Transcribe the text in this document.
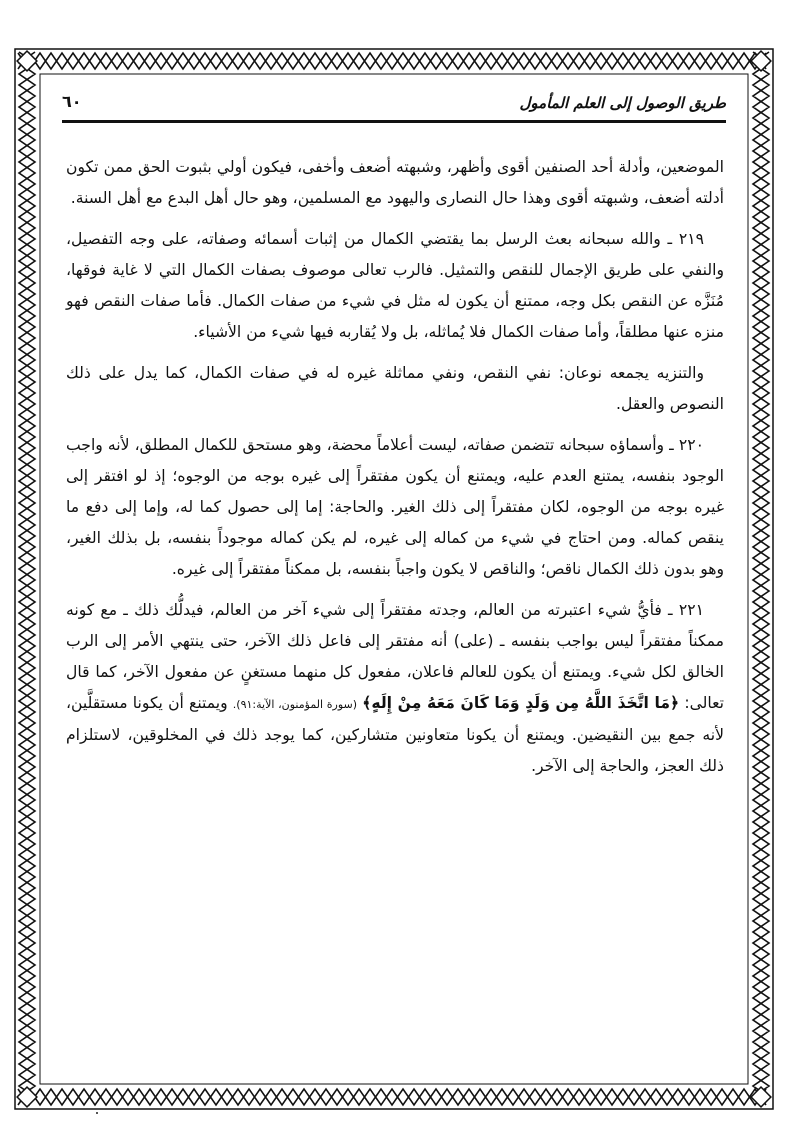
طريق الوصول إلى العلم المأمول
٦٠

الموضعين، وأدلة أحد الصنفين أقوى وأظهر، وشبهته أضعف وأخفى، فيكون أولي بثبوت الحق ممن تكون أدلته أضعف، وشبهته أقوى وهذا حال النصارى واليهود مع المسلمين، وهو حال أهل البدع مع أهل السنة.

٢١٩ ـ والله سبحانه بعث الرسل بما يقتضي الكمال من إثبات أسمائه وصفاته، على وجه التفصيل، والنفي على طريق الإجمال للنقص والتمثيل. فالرب تعالى موصوف بصفات الكمال التي لا غاية فوقها، مُنَزَّه عن النقص بكل وجه، ممتنع أن يكون له مثل في شيء من صفات الكمال. فأما صفات النقص فهو منزه عنها مطلقاً، وأما صفات الكمال فلا يُماثله، بل ولا يُقاربه فيها شيء من الأشياء.

والتنزيه يجمعه نوعان: نفي النقص، ونفي مماثلة غيره له في صفات الكمال، كما يدل على ذلك النصوص والعقل.

٢٢٠ ـ وأسماؤه سبحانه تتضمن صفاته، ليست أعلاماً محضة، وهو مستحق للكمال المطلق، لأنه واجب الوجود بنفسه، يمتنع العدم عليه، ويمتنع أن يكون مفتقراً إلى غيره بوجه من الوجوه؛ إذ لو افتقر إلى غيره بوجه من الوجوه، لكان مفتقراً إلى ذلك الغير. والحاجة: إما إلى حصول كما له، وإما إلى دفع ما ينقص كماله. ومن احتاج في شيء من كماله إلى غيره، لم يكن كماله موجوداً بنفسه، بل بذلك الغير، وهو بدون ذلك الكمال ناقص؛ والناقص لا يكون واجباً بنفسه، بل ممكناً مفتقراً إلى غيره.

٢٢١ ـ فأيُّ شيء اعتبرته من العالم، وجدته مفتقراً إلى شيء آخر من العالم، فيدلُّك ذلك ـ مع كونه ممكناً مفتقراً ليس بواجب بنفسه ـ (على) أنه مفتقر إلى فاعل ذلك الآخر، حتى ينتهي الأمر إلى الرب الخالق لكل شيء. ويمتنع أن يكون للعالم فاعلان، مفعول كل منهما مستغنٍ عن مفعول الآخر، كما قال تعالى: ﴿مَا اتَّخَذَ اللَّهُ مِن وَلَدٍ وَمَا كَانَ مَعَهُ مِنْ إِلَهٍ﴾ (سورة المؤمنون، الآية:٩١). ويمتنع أن يكونا مستقلَّين، لأنه جمع بين النقيضين. ويمتنع أن يكونا متعاونين متشاركين، كما يوجد ذلك في المخلوقين، لاستلزام ذلك العجز، والحاجة إلى الآخر.
